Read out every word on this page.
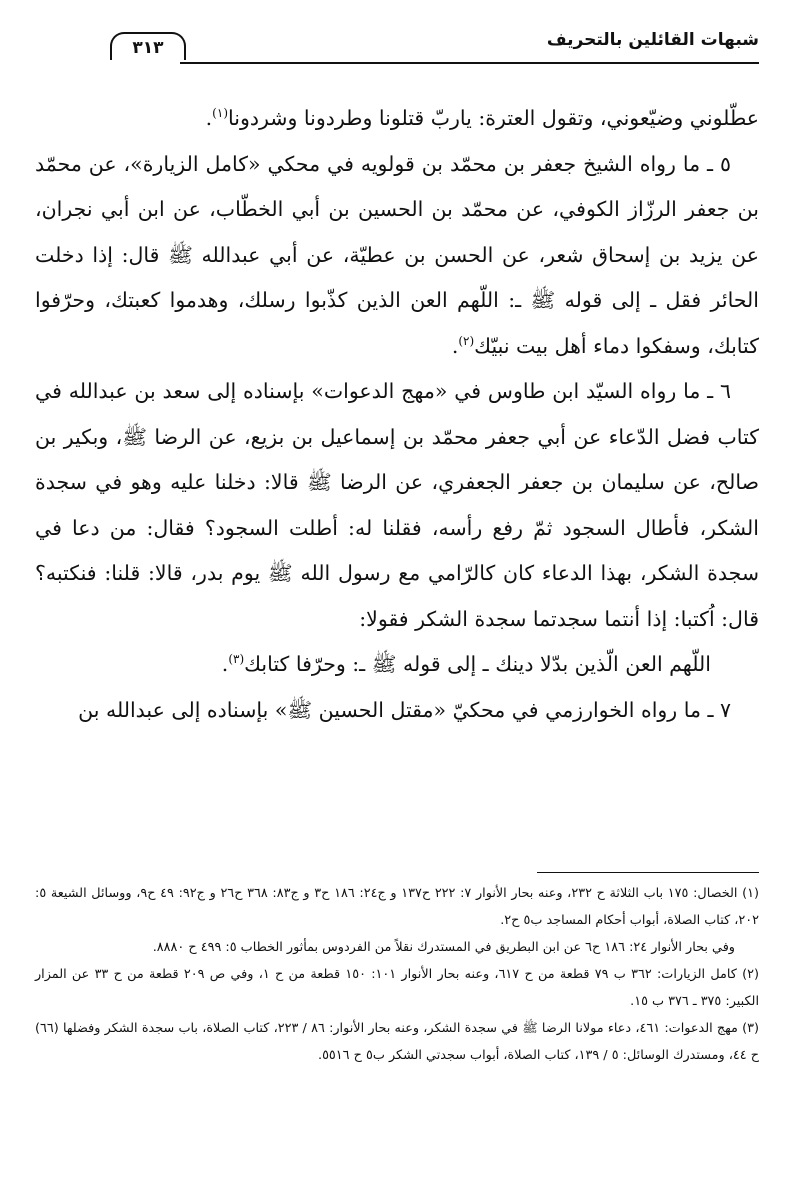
٣١٣	شبهات القائلين بالتحريف

عطّلوني وضيّعوني، وتقول العترة: ياربّ قتلونا وطردونا وشردونا$^{(١)}$.

٥ ـ ما رواه الشيخ جعفر بن محمّد بن قولويه في محكي «كامل الزيارة»، عن محمّد بن جعفر الرزّاز الكوفي، عن محمّد بن الحسين بن أبي الخطّاب، عن ابن أبي نجران، عن يزيد بن إسحاق شعر، عن الحسن بن عطيّة، عن أبي عبدالله ﷺ قال: إذا دخلت الحائر فقل ـ إلى قوله ﷺ ـ: اللّهم العن الذين كذّبوا رسلك، وهدموا كعبتك، وحرّفوا كتابك، وسفكوا دماء أهل بيت نبيّك$^{(٢)}$.

٦ ـ ما رواه السيّد ابن طاوس في «مهج الدعوات» بإسناده إلى سعد بن عبدالله في كتاب فضل الدّعاء عن أبي جعفر محمّد بن إسماعيل بن بزيع، عن الرضا ﷺ، وبكير بن صالح، عن سليمان بن جعفر الجعفري، عن الرضا ﷺ قالا: دخلنا عليه وهو في سجدة الشكر، فأطال السجود ثمّ رفع رأسه، فقلنا له: أطلت السجود؟ فقال: من دعا في سجدة الشكر، بهذا الدعاء كان كالرّامي مع رسول الله ﷺ يوم بدر، قالا: قلنا: فنكتبه؟ قال: اُكتبا: إذا أنتما سجدتما سجدة الشكر فقولا:

اللّهم العن الّذين بدّلا دينك ـ إلى قوله ﷺ ـ: وحرّفا كتابك$^{(٣)}$.

٧ ـ ما رواه الخوارزمي في محكيّ «مقتل الحسين ﷺ» بإسناده إلى عبدالله بن

(١) الخصال: ١٧٥ باب الثلاثة ح ٢٣٢، وعنه بحار الأنوار ٧: ٢٢٢ ح١٣٧ و ج٢٤: ١٨٦ ح٣ و ج٨٣: ٣٦٨ ح٢٦ و ج٩٢: ٤٩ ح٩، ووسائل الشيعة ٥: ٢٠٢، كتاب الصلاة، أبواب أحكام المساجد ب٥ ح٢.

وفي بحار الأنوار ٢٤: ١٨٦ ح٦ عن ابن البطريق في المستدرك نقلاً من الفردوس بمأثور الخطاب ٥: ٤٩٩ ح ٨٨٨٠.

(٢) كامل الزيارات: ٣٦٢ ب ٧٩ قطعة من ح ٦١٧، وعنه بحار الأنوار ١٠١: ١٥٠ قطعة من ح ١، وفي ص ٢٠٩ قطعة من ح ٣٣ عن المزار الكبير: ٣٧٥ ـ ٣٧٦ ب ١٥.

(٣) مهج الدعوات: ٤٦١، دعاء مولانا الرضا ﷺ في سجدة الشكر، وعنه بحار الأنوار: ٨٦ / ٢٢٣، كتاب الصلاة، باب سجدة الشكر وفضلها (٦٦) ح ٤٤، ومستدرك الوسائل: ٥ / ١٣٩، كتاب الصلاة، أبواب سجدتي الشكر ب٥ ح ٥٥١٦.
